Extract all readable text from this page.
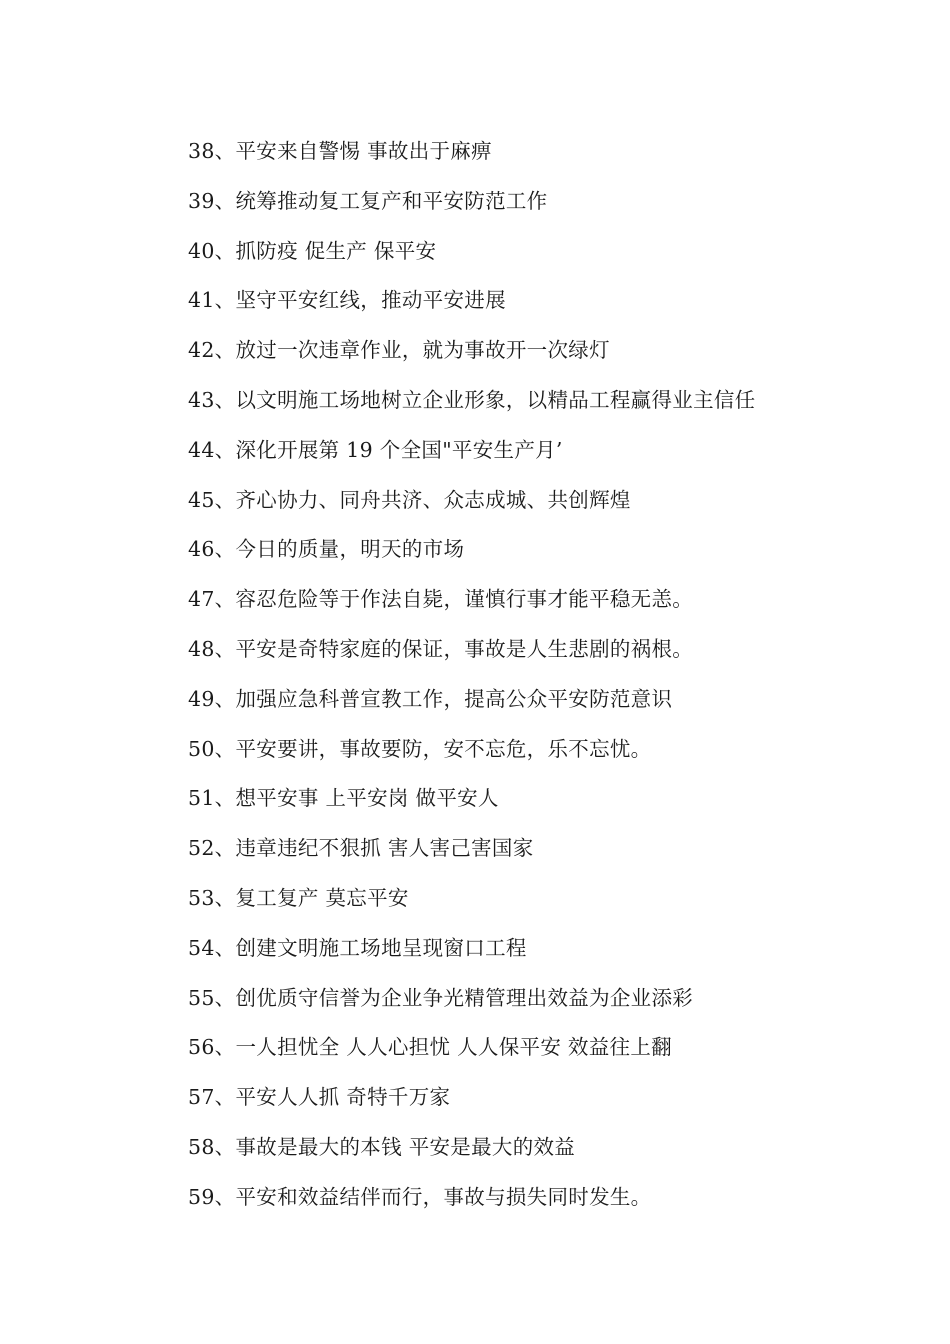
38、平安来自警惕 事故出于麻痹
39、统筹推动复工复产和平安防范工作
40、抓防疫 促生产 保平安
41、坚守平安红线，推动平安进展
42、放过一次违章作业，就为事故开一次绿灯
43、以文明施工场地树立企业形象，以精品工程赢得业主信任
44、深化开展第 19 个全国"平安生产月’
45、齐心协力、同舟共济、众志成城、共创辉煌
46、今日的质量，明天的市场
47、容忍危险等于作法自毙，谨慎行事才能平稳无恙。
48、平安是奇特家庭的保证，事故是人生悲剧的祸根。
49、加强应急科普宣教工作，提高公众平安防范意识
50、平安要讲，事故要防，安不忘危，乐不忘忧。
51、想平安事 上平安岗 做平安人
52、违章违纪不狠抓 害人害己害国家
53、复工复产 莫忘平安
54、创建文明施工场地呈现窗口工程
55、创优质守信誉为企业争光精管理出效益为企业添彩
56、一人担忧全 人人心担忧 人人保平安 效益往上翻
57、平安人人抓 奇特千万家
58、事故是最大的本钱 平安是最大的效益
59、平安和效益结伴而行，事故与损失同时发生。
